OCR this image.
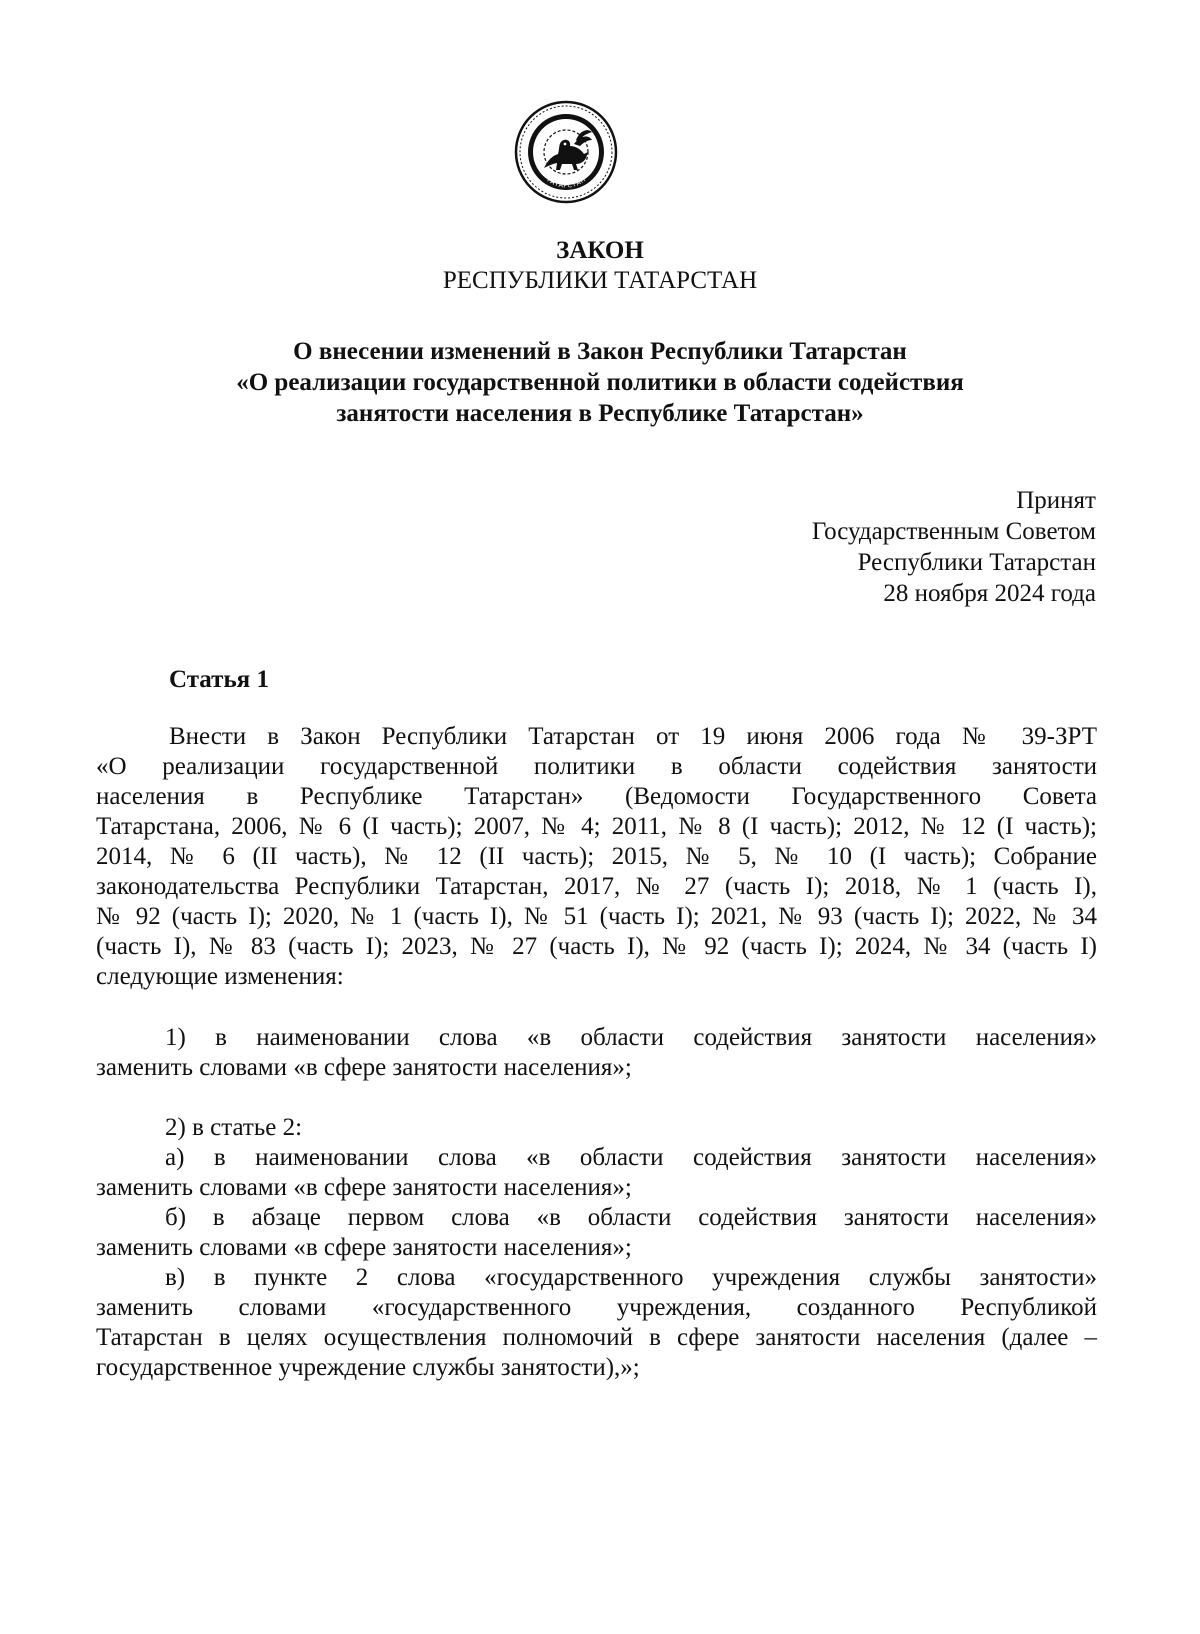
ТАТАРСТАН
ЗАКОН
РЕСПУБЛИКИ ТАТАРСТАН
О внесении изменений в Закон Республики Татарстан
«О реализации государственной политики в области содействия
занятости населения в Республике Татарстан»
Принят
Государственным Советом
Республики Татарстан
28 ноября 2024 года
Статья 1
Внести в Закон Республики Татарстан от 19 июня 2006 года № 39-ЗРТ
«О реализации государственной политики в области содействия занятости
населения в Республике Татарстан» (Ведомости Государственного Совета
Татарстана, 2006, № 6 (I часть); 2007, № 4; 2011, № 8 (I часть); 2012, № 12 (I часть);
2014, № 6 (II часть), № 12 (II часть); 2015, № 5, № 10 (I часть); Собрание
законодательства Республики Татарстан, 2017, № 27 (часть I); 2018, № 1 (часть I),
№ 92 (часть I); 2020, № 1 (часть I), № 51 (часть I); 2021, № 93 (часть I); 2022, № 34
(часть I), № 83 (часть I); 2023, № 27 (часть I), № 92 (часть I); 2024, № 34 (часть I)
следующие изменения:
1) в наименовании слова «в области содействия занятости населения»
заменить словами «в сфере занятости населения»;
2) в статье 2:
а) в наименовании слова «в области содействия занятости населения»
заменить словами «в сфере занятости населения»;
б) в абзаце первом слова «в области содействия занятости населения»
заменить словами «в сфере занятости населения»;
в) в пункте 2 слова «государственного учреждения службы занятости»
заменить словами «государственного учреждения, созданного Республикой
Татарстан в целях осуществления полномочий в сфере занятости населения (далее –
государственное учреждение службы занятости),»;
